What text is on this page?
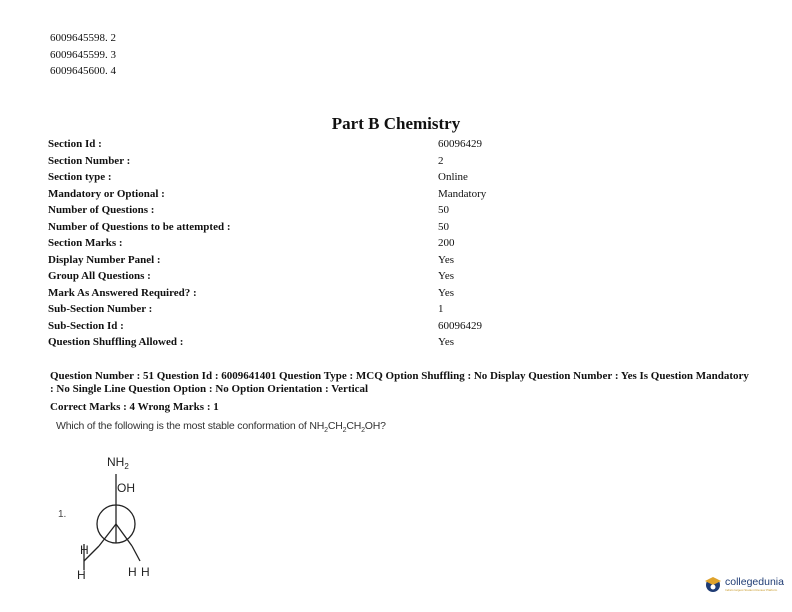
6009645598. 2
6009645599. 3
6009645600. 4
Part B Chemistry
Section Id :	60096429
Section Number :	2
Section type :	Online
Mandatory or Optional :	Mandatory
Number of Questions :	50
Number of Questions to be attempted :	50
Section Marks :	200
Display Number Panel :	Yes
Group All Questions :	Yes
Mark As Answered Required? :	Yes
Sub-Section Number :	1
Sub-Section Id :	60096429
Question Shuffling Allowed :	Yes
Question Number : 51 Question Id : 6009641401 Question Type : MCQ Option Shuffling : No Display Question Number : Yes Is Question Mandatory : No Single Line Question Option : No Option Orientation : Vertical
Correct Marks : 4 Wrong Marks : 1
Which of the following is the most stable conformation of $NH_2CH_2CH_2OH$?
1.
$NH_2$
OH
H
H	H H
collegedunia
India's largest Student Review Platform
